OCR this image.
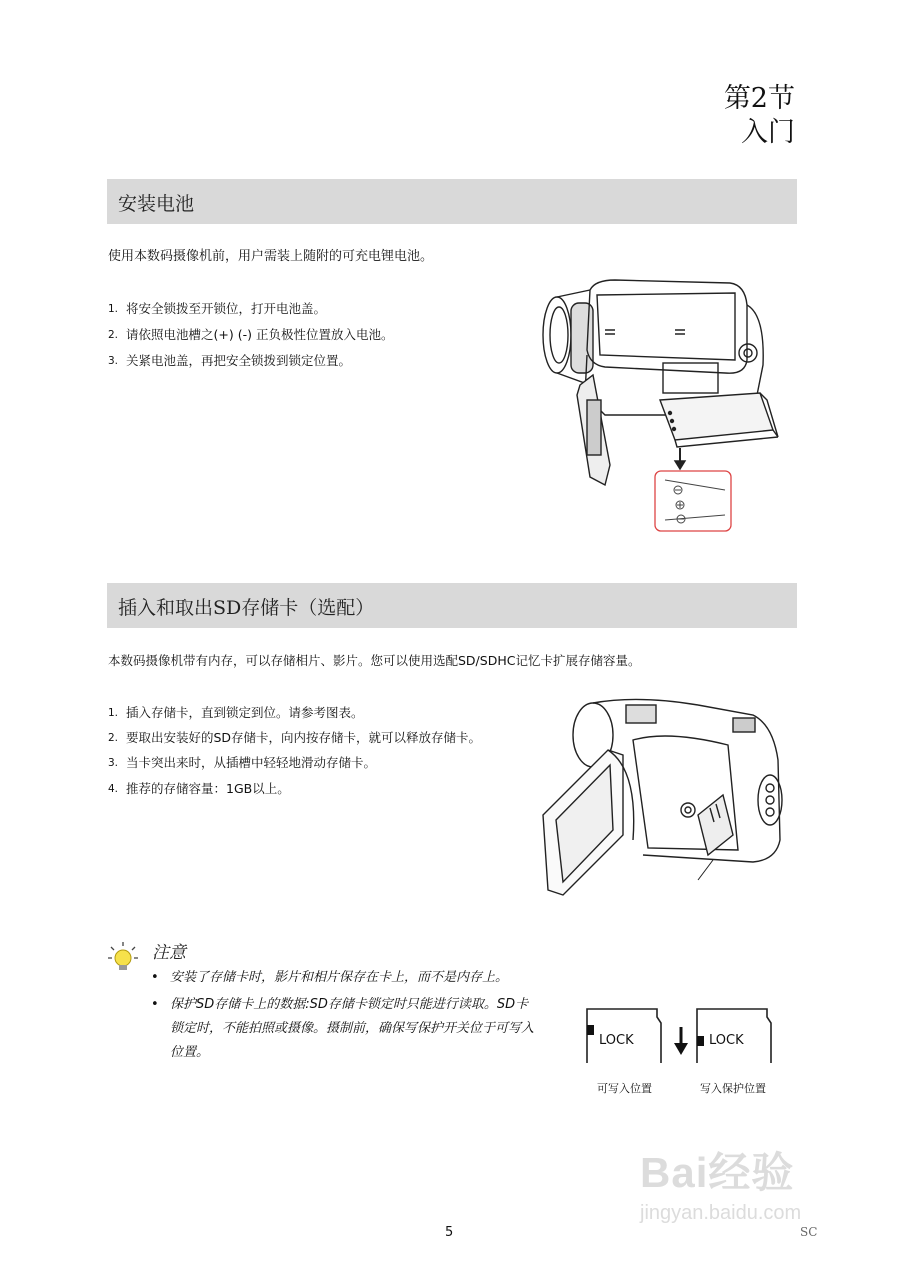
第2节
入门
安装电池
使用本数码摄像机前，用户需装上随附的可充电锂电池。
1. 将安全锁拨至开锁位，打开电池盖。
2. 请依照电池槽之(+) (-) 正负极性位置放入电池。
3. 关紧电池盖，再把安全锁拨到锁定位置。
插入和取出SD存储卡（选配）
本数码摄像机带有内存，可以存储相片、影片。您可以使用选配SD/SDHC记忆卡扩展存储容量。
1. 插入存储卡，直到锁定到位。请参考图表。
2. 要取出安装好的SD存储卡，向内按存储卡，就可以释放存储卡。
3. 当卡突出来时，从插槽中轻轻地滑动存储卡。
4. 推荐的存储容量：1GB以上。
注意
• 安装了存储卡时，影片和相片保存在卡上，而不是内存上。
• 保护SD存储卡上的数据:SD存储卡锁定时只能进行读取。SD卡锁定时，不能拍照或摄像。摄制前，确保写保护开关位于可写入位置。
LOCK	LOCK
可写入位置	写入保护位置
Bai经验
jingyan.baidu.com
5	SC
